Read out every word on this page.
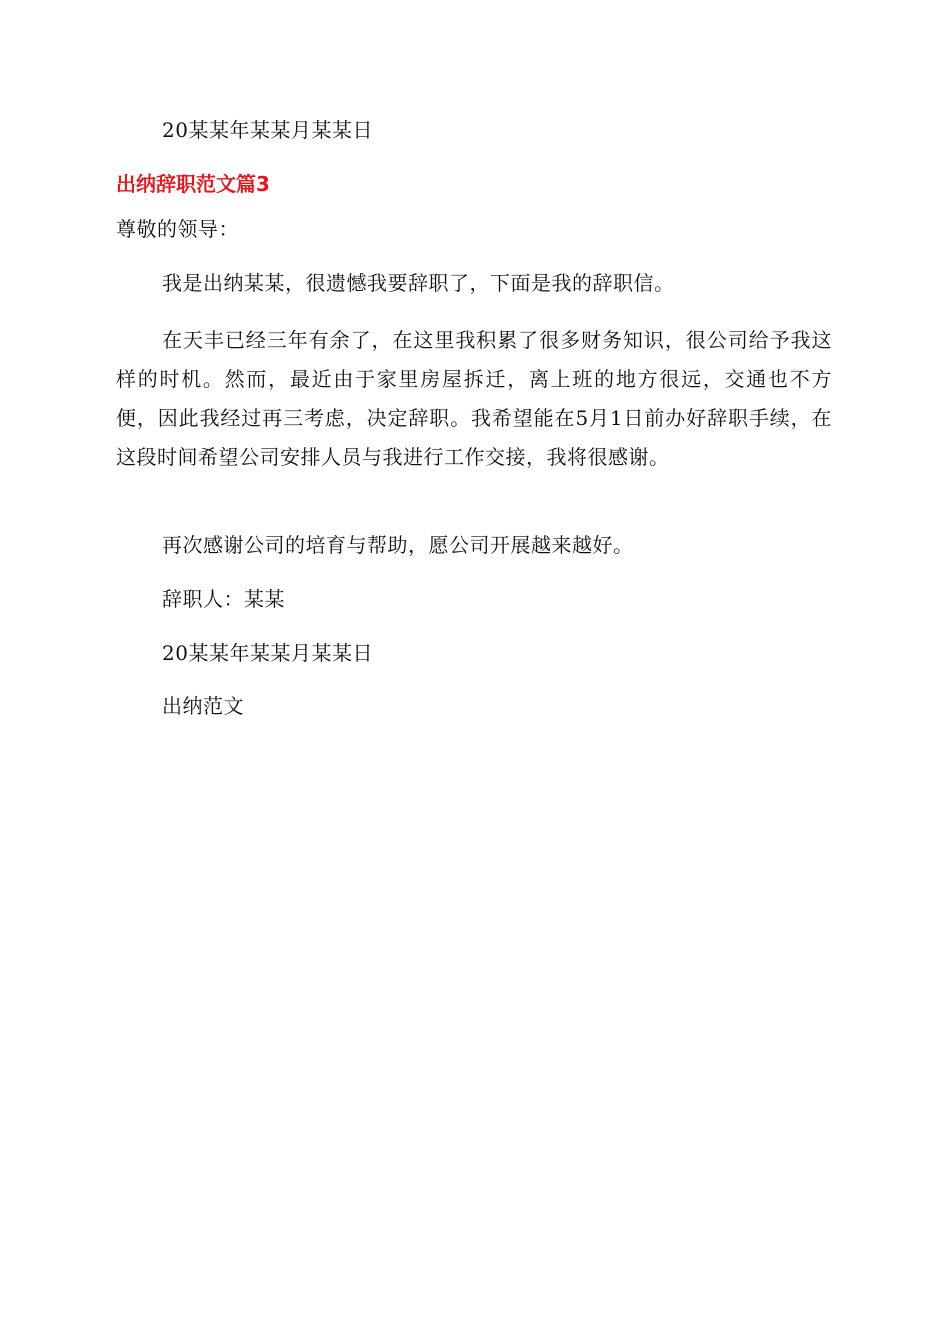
20某某年某某月某某日

出纳辞职范文篇3

尊敬的领导：

我是出纳某某，很遗憾我要辞职了，下面是我的辞职信。

在天丰已经三年有余了，在这里我积累了很多财务知识，很公司给予我这样的时机。然而，最近由于家里房屋拆迁，离上班的地方很远，交通也不方便，因此我经过再三考虑，决定辞职。我希望能在5月1日前办好辞职手续，在这段时间希望公司安排人员与我进行工作交接，我将很感谢。

再次感谢公司的培育与帮助，愿公司开展越来越好。

辞职人：某某

20某某年某某月某某日

出纳范文
